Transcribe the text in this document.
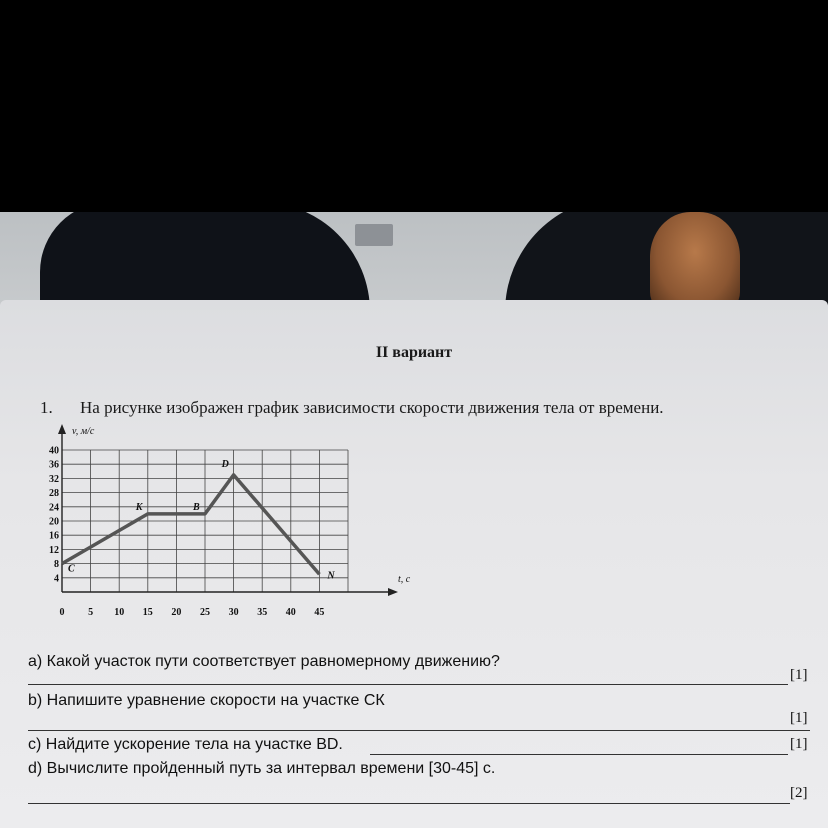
II вариант
1. На рисунке изображен график зависимости скорости движения тела от времени.
0 5 10 15 20 25 30 35 40 45
40
36
32
28
24
20
16
12
8
4
C
K	B
D
N
v, м/с
t, с
a) Какой участок пути соответствует равномерному движению?
[1]
b) Напишите уравнение скорости на участке СК
[1]
c) Найдите ускорение тела на участке BD.	[1]
d) Вычислите пройденный путь за интервал времени [30-45] с.
[2]
